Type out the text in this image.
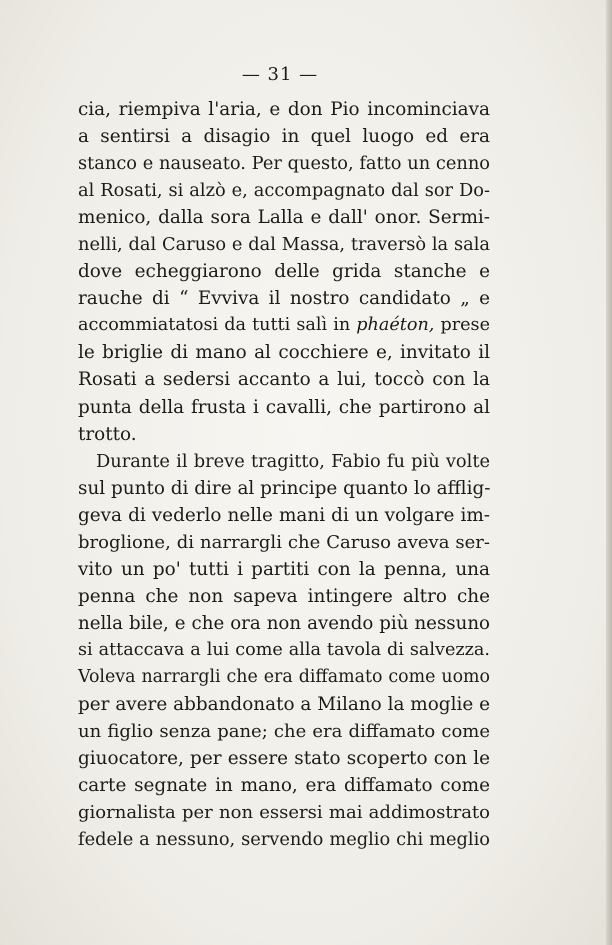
— 31 —
cia, riempiva l'aria, e don Pio incominciava
a sentirsi a disagio in quel luogo ed era
stanco e nauseato. Per questo, fatto un cenno
al Rosati, si alzò e, accompagnato dal sor Do-
menico, dalla sora Lalla e dall' onor. Sermi-
nelli, dal Caruso e dal Massa, traversò la sala
dove echeggiarono delle grida stanche e
rauche di “ Evviva il nostro candidato „ e
accommiatatosi da tutti salì in phaéton, prese
le briglie di mano al cocchiere e, invitato il
Rosati a sedersi accanto a lui, toccò con la
punta della frusta i cavalli, che partirono al
trotto.
Durante il breve tragitto, Fabio fu più volte
sul punto di dire al principe quanto lo afflig-
geva di vederlo nelle mani di un volgare im-
broglione, di narrargli che Caruso aveva ser-
vito un po' tutti i partiti con la penna, una
penna che non sapeva intingere altro che
nella bile, e che ora non avendo più nessuno
si attaccava a lui come alla tavola di salvezza.
Voleva narrargli che era diffamato come uomo
per avere abbandonato a Milano la moglie e
un figlio senza pane; che era diffamato come
giuocatore, per essere stato scoperto con le
carte segnate in mano, era diffamato come
giornalista per non essersi mai addimostrato
fedele a nessuno, servendo meglio chi meglio
